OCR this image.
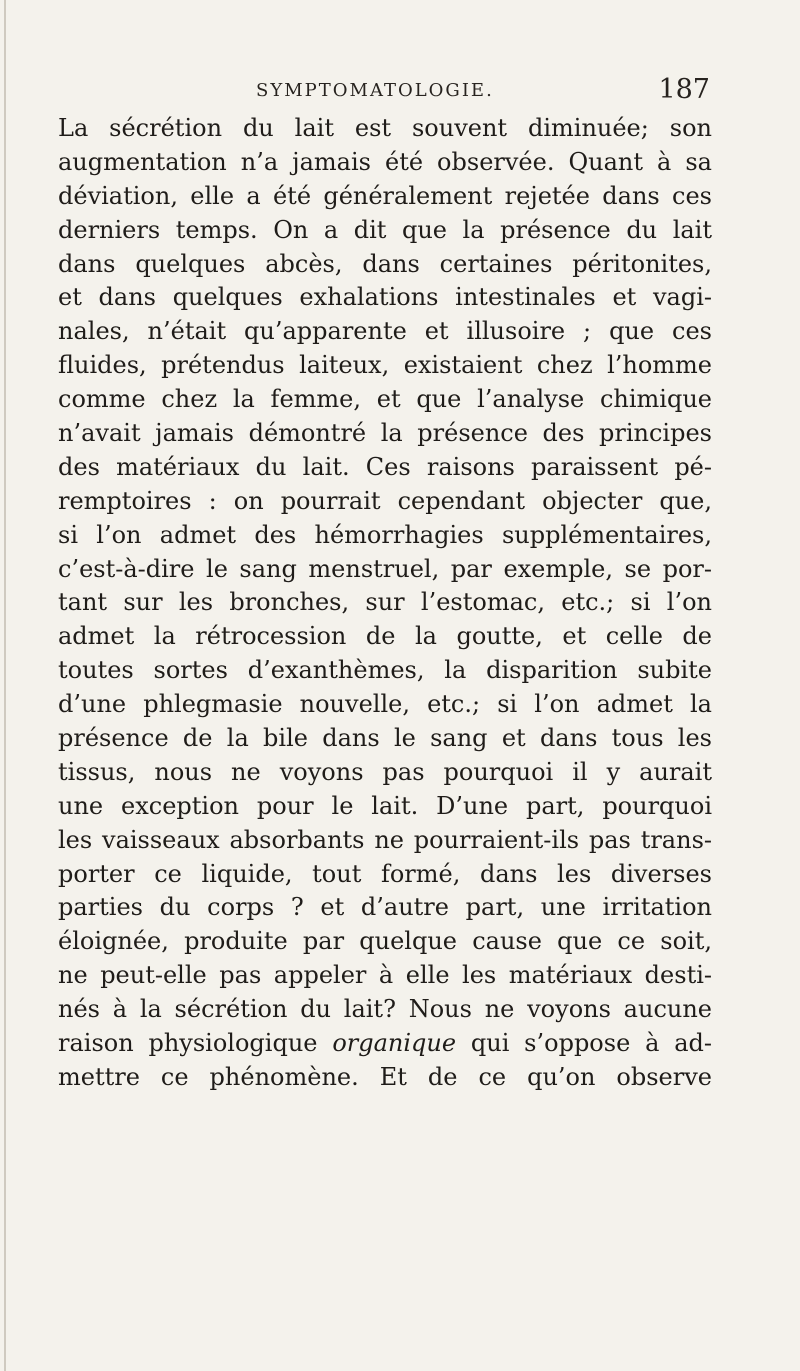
SYMPTOMATOLOGIE.	187
La sécrétion du lait est souvent diminuée; son
augmentation n’a jamais été observée. Quant à sa
déviation, elle a été généralement rejetée dans ces
derniers temps. On a dit que la présence du lait
dans quelques abcès, dans certaines péritonites,
et dans quelques exhalations intestinales et vagi-
nales, n’était qu’apparente et illusoire ; que ces
fluides, prétendus laiteux, existaient chez l’homme
comme chez la femme, et que l’analyse chimique
n’avait jamais démontré la présence des principes
des matériaux du lait. Ces raisons paraissent pé-
remptoires : on pourrait cependant objecter que,
si l’on admet des hémorrhagies supplémentaires,
c’est-à-dire le sang menstruel, par exemple, se por-
tant sur les bronches, sur l’estomac, etc.; si l’on
admet la rétrocession de la goutte, et celle de
toutes sortes d’exanthèmes, la disparition subite
d’une phlegmasie nouvelle, etc.; si l’on admet la
présence de la bile dans le sang et dans tous les
tissus, nous ne voyons pas pourquoi il y aurait
une exception pour le lait. D’une part, pourquoi
les vaisseaux absorbants ne pourraient-ils pas trans-
porter ce liquide, tout formé, dans les diverses
parties du corps ? et d’autre part, une irritation
éloignée, produite par quelque cause que ce soit,
ne peut-elle pas appeler à elle les matériaux desti-
nés à la sécrétion du lait? Nous ne voyons aucune
raison physiologique organique qui s’oppose à ad-
mettre ce phénomène. Et de ce qu’on observe
